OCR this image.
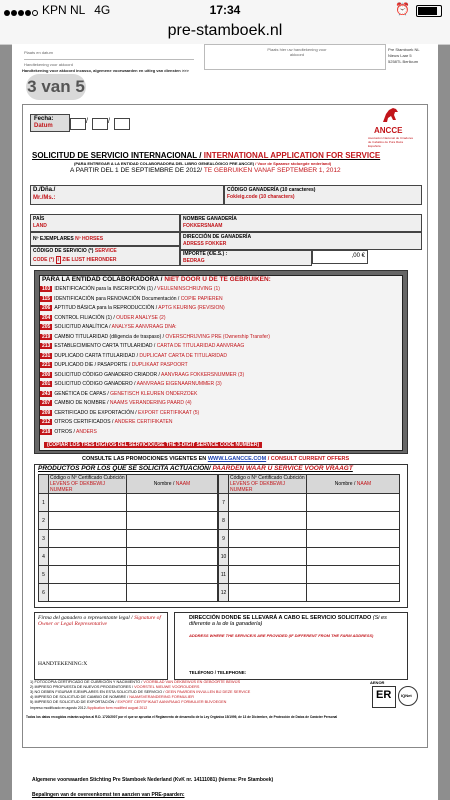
KPN NL 4G	17:34	⏰
pre-stamboek.nl
Plaats en datum
Handtekening voor akkoord
Plaats hier uw handtekening voor akkoord
Pre Stamboek NL
Nieuw Laar 5
5258TL Berlicum
Handtekening voor akkoord incasso, algemene voorwaarden en uitleg van diensten >>>
3 van 5
Fecha:
Datum
/	/
ANCCE
Asociación Nacional de Criadores de Caballos de Pura Raza Española
SOLICITUD DE SERVICIO INTERNACIONAL / INTERNATIONAL APPLICATION FOR SERVICE
(PARA ENTREGAR A LA ENTIDAD COLABORADORA DEL LIBRO GENEALÓGICO PRE ANCCE) / Voor de Spaanse stoloegde nederland)
A PARTIR DEL 1 DE SEPTIEMBRE DE 2012/ TE GEBRUIKEN VANAF SEPTEMBER 1, 2012
D./Dña./
Mr./Ms.:
CÓDIGO GANADERÍA (10 caracteres)
Fok/eig.code (10 characters)
PAÍS
LAND
NOMBRE GANADERÍA
FOKKERSNAAM
Nº EJEMPLARES Nº HORSES	DIRECCIÓN DE GANADERÍA
ADRESS FOKKER
CÓDIGO DE SERVICIO (*) SERVICE
CODE (*) i ZIE LIJST HIERONDER
IMPORTE (€/E.S.) :
BEDRAG
,00 €
PARA LA ENTIDAD COLABORADORA / NIET DOOR U DE TE GEBRUIKEN:
103 IDENTIFICACIÓN para la INSCRIPCIÓN (1) / VEULENINSCHRIJVING (1)
115 IDENTIFICACIÓN para RENOVACIÓN Documentación / COPIE PAPIEREN
206 APTITUD BÁSICA para la REPRODUCCIÓN / APTG KEURING (REVISION)
204 CONTROL FILIACIÓN (1) / OUDER ANALYSE (2)
205 SOLICITUD ANALÍTICA / ANALYSE AANVRAAG DNA:
219 CAMBIO TITULARIDAD (diligencia de traspaso) / OVERSCHRIJVING PRE (Ownership Transfer)
213 ESTABLECIMIENTO CARTA TITULARIDAD / CARTA DE TITULARIDAD AANVRAAG
231 DUPLICADO CARTA TITULARIDAD / DUPLICAAT CARTA DE TITULARIDAD
221 DUPLICADO DIE / PASAPORTE / DUPLIKAAT PASPOORT
200 SOLICITUD CÓDIGO GANADERO CRIADOR / AANVRAAG FOKKERSNUMMER (3)
201 SOLICITUD CÓDIGO GANADERO / AANVRAAG EIGENAARNUMMER (3)
243 GENÉTICA DE CAPAS / GENETISCH KLEUREN ONDERZOEK
207 CAMBIO DE NOMBRE / NAAMS VERANDERING PAARD (4)
209 CERTIFICADO DE EXPORTACIÓN / EXPORT CERTIFIKAAT (5)
212 OTROS CERTIFICADOS / ANDERE CERTIFIKATEN
218 OTROS / ANDERS
(COPIAR LOS TRES DÍGITOS DEL SERVICIO/USE THE 3-DIGIT SERVICE CODE NUMBER)
CONSULTE LAS PROMOCIONES VIGENTES EN WWW.LGANCCE.COM / CONSULT CURRENT OFFERS
PRODUCTOS POR LOS QUE SE SOLICITA ACTUACIÓN/ PAARDEN WAAR U SERVICE VOOR VRAAGT

	Código o Nº Certificado Cubrición
LEVENS OF DEKBEWIJ NUMMER	Nombre / NAAM
1		
2		
3		
4		
5		
6		

	Código o Nº Certificado Cubrición
LEVENS OF DEKBEWIJ NUMMER	Nombre / NAAM
7		
8		
9		
10		
11		
12		
Firma del ganadero o representante legal / Signature of Owner or Legal Representative
HANDTEKENING:X
DIRECCIÓN DONDE SE LLEVARÁ A CABO EL SERVICIO SOLICITADO (Si es diferente a la de la ganadería)
ADDRESS WHERE THE SERVICE/S ARE PROVIDED (IF DIFFERENT FROM THE FARM ADDRESS)
TELÉFONO / TELEPHONE:
1) FOTOCOPIA CERTIFICADO DE CUBRICIÓN Y NACIMIENTO / VOORBLAD VAN DEKBEWIJS EN GEBOORTE BEWIJS
2) IMPRESO PROPUESTA DE NUEVOS PROGENITORES / VOORSTEL NIEUWE VOOROUDERS
3) NO DEBEN FIGURAR EJEMPLARES EN ESTA SOLICITUD DE SERVICIO / GEEN PAARDEN INVULLEN BIJ DEZE SERVICE
4) IMPRESO DE SOLICITUD DE CAMBIO DE NOMBRE / NAAMSVERANDERING FORMULIER
5) IMPRESO DE SOLICITUD DE EXPORTACIÓN / EXPORT CERTIFIKAAT AANVRAAG FORMULIER BIJVOEGEN
ER
AENOR
IQNet
Impreso modificado en agosto 2012 /Application form modified august 2012
Todos los datos recogidos estarán sujetos al R.D. 1720/2007 por el que se aprueba el Reglamento de desarrollo de la Ley Orgánica 15/1999, de 13 de Diciembre, de Protección de Datos de Carácter Personal
Algemene voorwaarden Stichting Pre Stamboek Nederland (KvK nr. 14111081) (hierna: Pre Stamboek)
Bepalingen van de overeenkomst ten aanzien van PRE-paarden:
